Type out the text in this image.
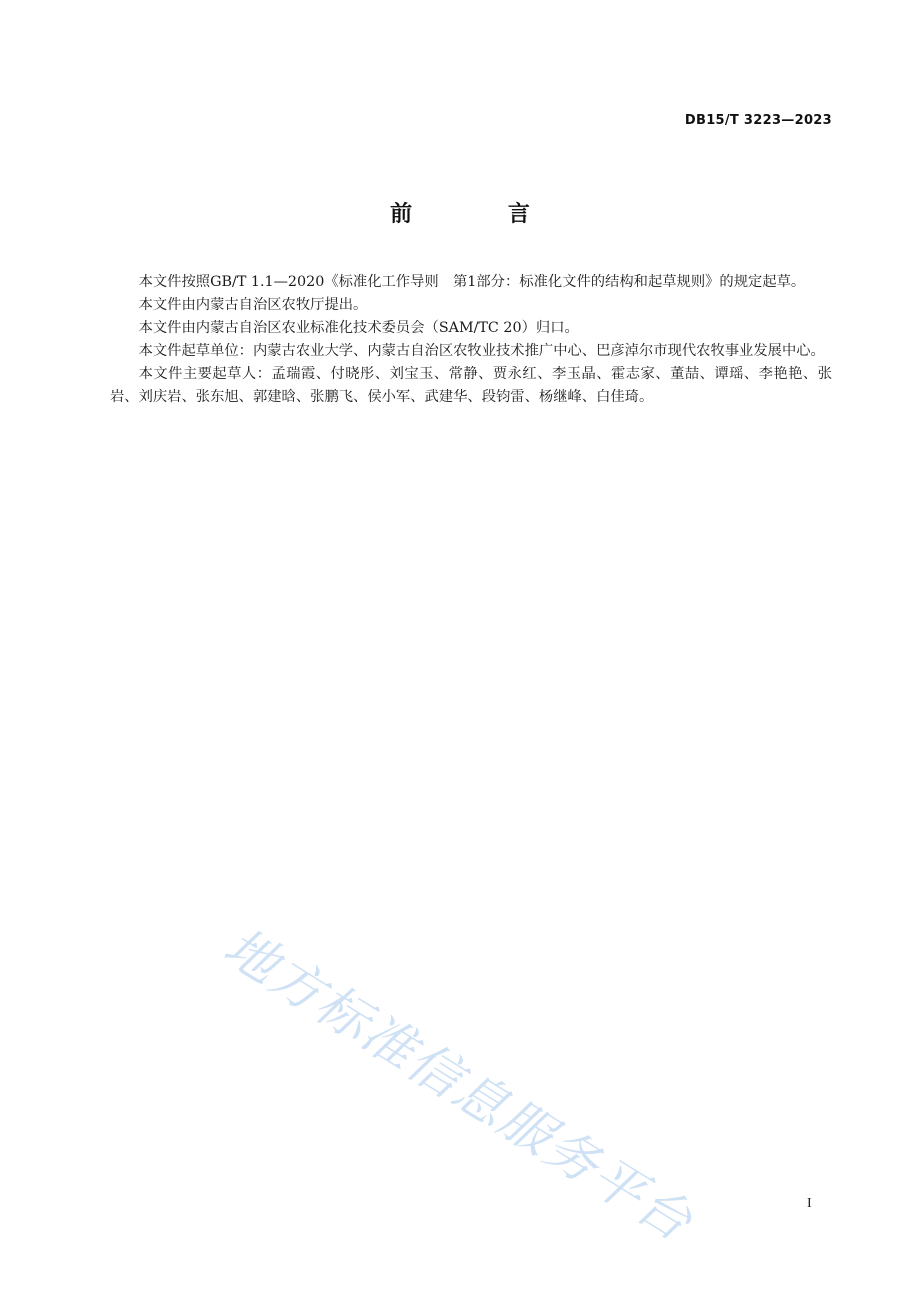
DB15/T 3223—2023
前 言

本文件按照GB/T 1.1—2020《标准化工作导则　第1部分：标准化文件的结构和起草规则》的规定起草。

本文件由内蒙古自治区农牧厅提出。

本文件由内蒙古自治区农业标准化技术委员会（SAM/TC 20）归口。

本文件起草单位：内蒙古农业大学、内蒙古自治区农牧业技术推广中心、巴彦淖尔市现代农牧事业发展中心。

本文件主要起草人：孟瑞霞、付晓彤、刘宝玉、常静、贾永红、李玉晶、霍志家、董喆、谭瑶、李艳艳、张岩、刘庆岩、张东旭、郭建晗、张鹏飞、侯小军、武建华、段钧雷、杨继峰、白佳琦。

地方标准信息服务平台	I
